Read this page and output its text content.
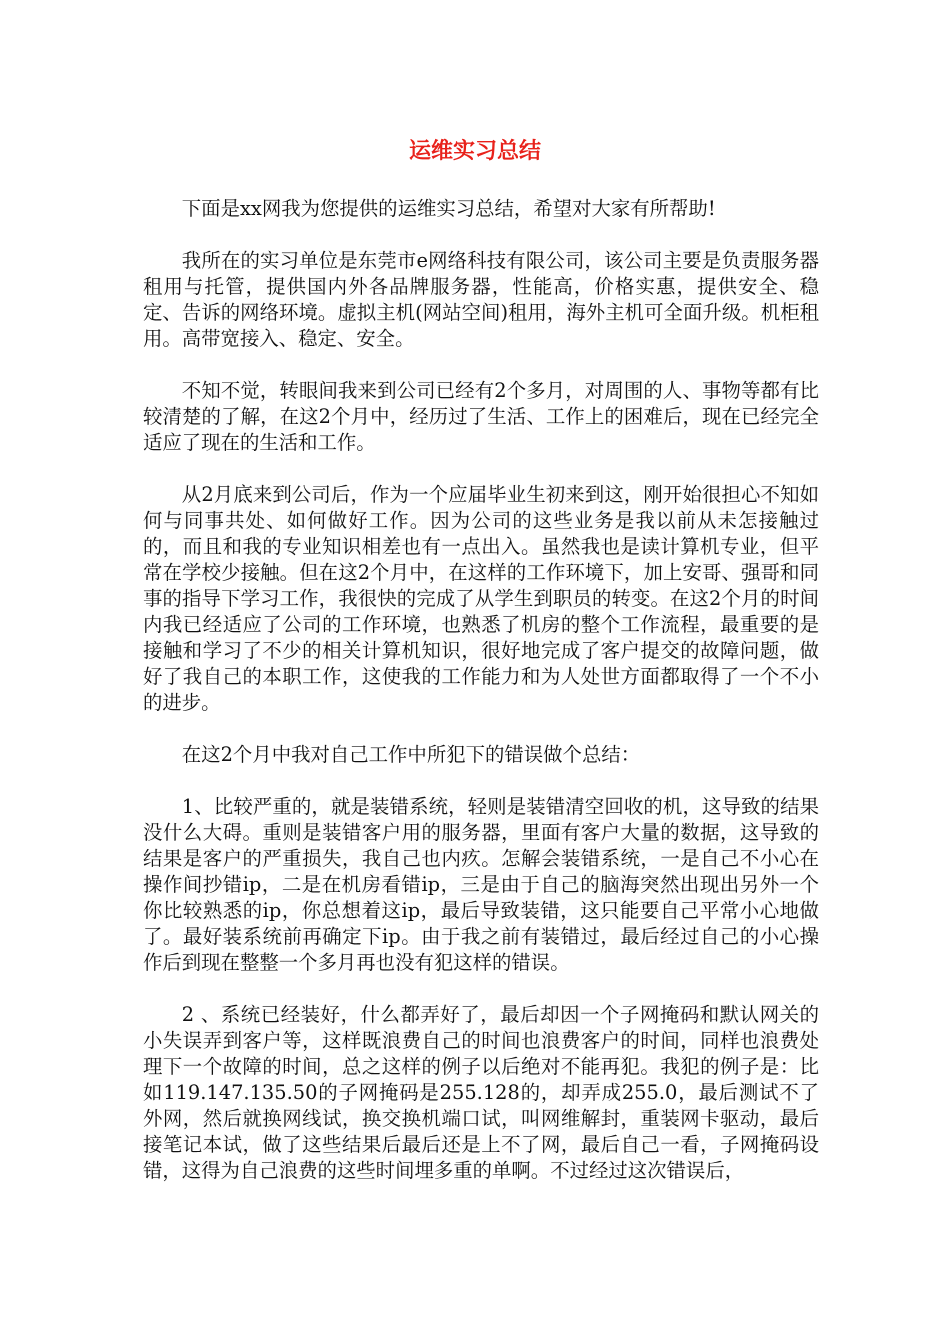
运维实习总结

下面是xx网我为您提供的运维实习总结，希望对大家有所帮助!

我所在的实习单位是东莞市e网络科技有限公司，该公司主要是负责服务器租用与托管，提供国内外各品牌服务器，性能高，价格实惠，提供安全、稳定、告诉的网络环境。虚拟主机(网站空间)租用，海外主机可全面升级。机柜租用。高带宽接入、稳定、安全。

不知不觉，转眼间我来到公司已经有2个多月，对周围的人、事物等都有比较清楚的了解，在这2个月中，经历过了生活、工作上的困难后，现在已经完全适应了现在的生活和工作。

从2月底来到公司后，作为一个应届毕业生初来到这，刚开始很担心不知如何与同事共处、如何做好工作。因为公司的这些业务是我以前从未怎接触过的，而且和我的专业知识相差也有一点出入。虽然我也是读计算机专业，但平常在学校少接触。但在这2个月中，在这样的工作环境下，加上安哥、强哥和同事的指导下学习工作，我很快的完成了从学生到职员的转变。在这2个月的时间内我已经适应了公司的工作环境，也熟悉了机房的整个工作流程，最重要的是接触和学习了不少的相关计算机知识，很好地完成了客户提交的故障问题，做好了我自己的本职工作，这使我的工作能力和为人处世方面都取得了一个不小的进步。

在这2个月中我对自己工作中所犯下的错误做个总结：

1、比较严重的，就是装错系统，轻则是装错清空回收的机，这导致的结果没什么大碍。重则是装错客户用的服务器，里面有客户大量的数据，这导致的结果是客户的严重损失，我自己也内疚。怎解会装错系统，一是自己不小心在操作间抄错ip，二是在机房看错ip，三是由于自己的脑海突然出现出另外一个你比较熟悉的ip，你总想着这ip，最后导致装错，这只能要自己平常小心地做了。最好装系统前再确定下ip。由于我之前有装错过，最后经过自己的小心操作后到现在整整一个多月再也没有犯这样的错误。

2 、系统已经装好，什么都弄好了，最后却因一个子网掩码和默认网关的小失误弄到客户等，这样既浪费自己的时间也浪费客户的时间，同样也浪费处理下一个故障的时间，总之这样的例子以后绝对不能再犯。我犯的例子是：比如119.147.135.50的子网掩码是255.128的，却弄成255.0，最后测试不了外网，然后就换网线试，换交换机端口试，叫网维解封，重装网卡驱动，最后接笔记本试，做了这些结果后最后还是上不了网，最后自己一看，子网掩码设错，这得为自己浪费的这些时间埋多重的单啊。不过经过这次错误后，
